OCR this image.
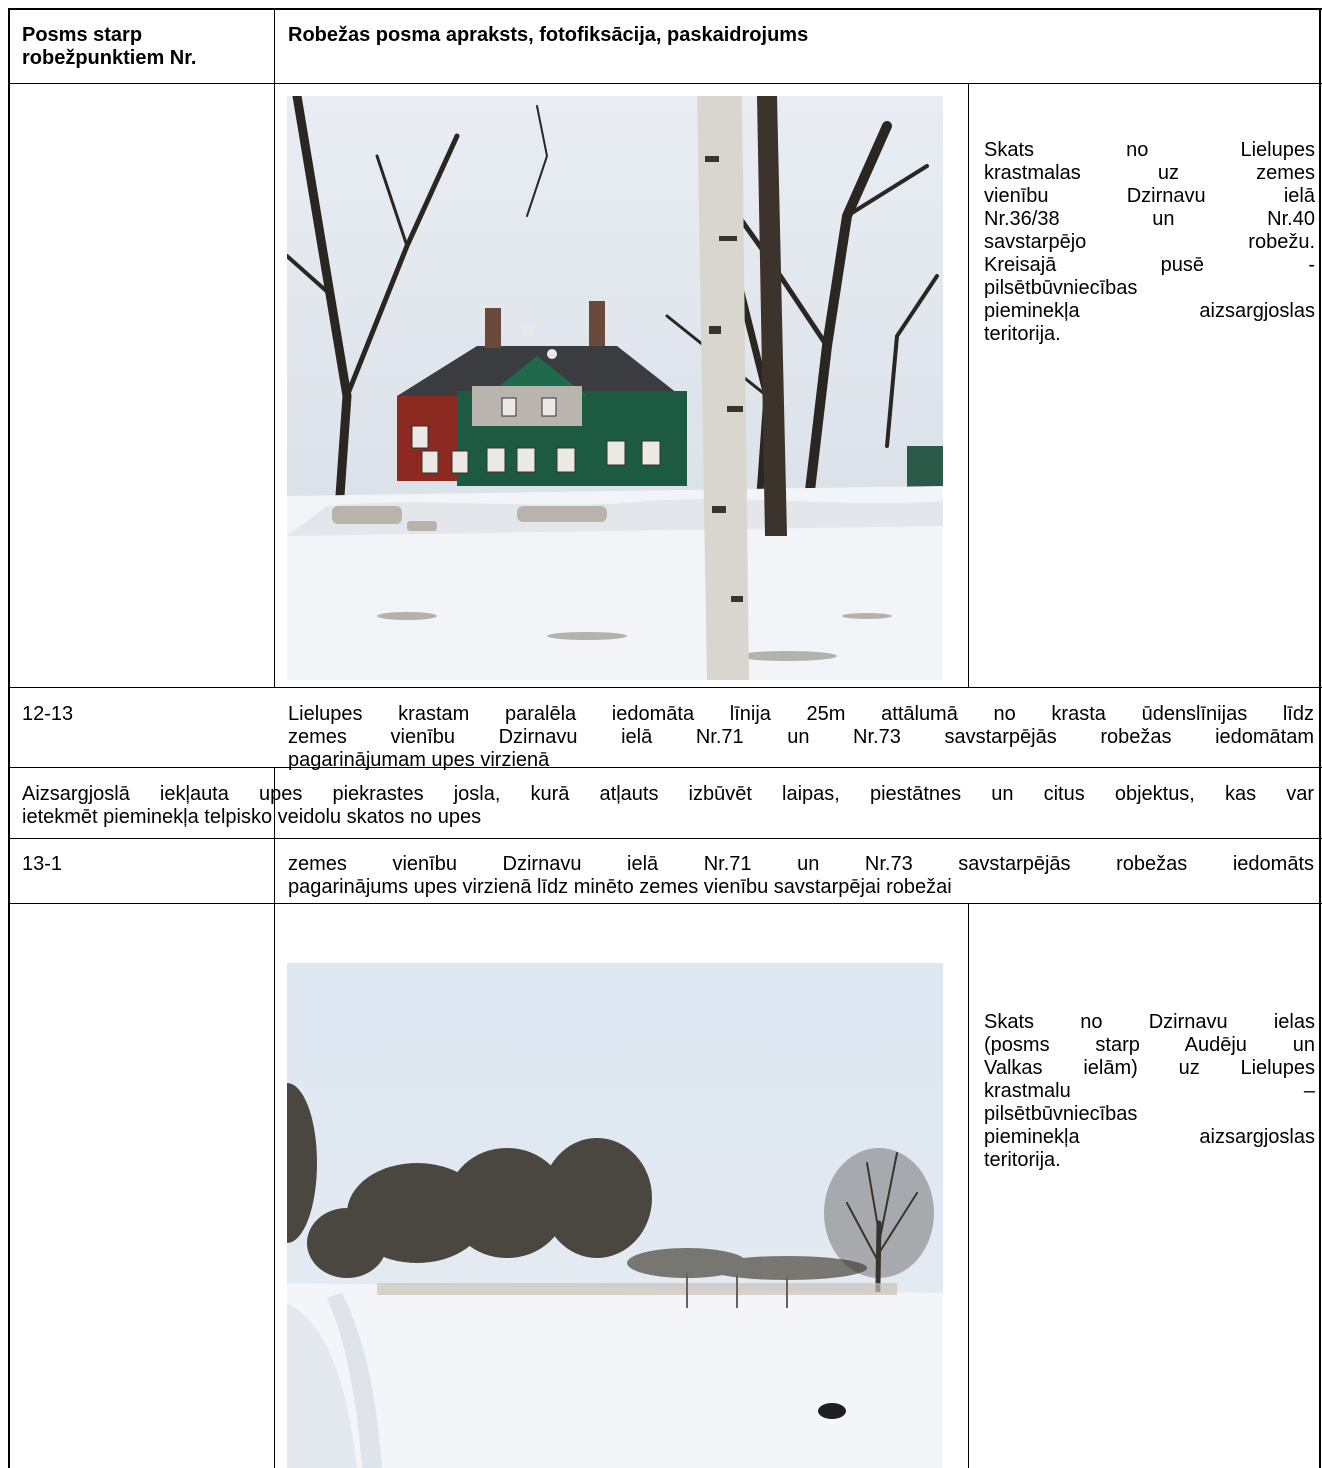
Posms starp robežpunktiem Nr.
Robežas posma apraksts, fotofiksācija, paskaidrojums
Skats no Lielupes
krastmalas uz zemes
vienību Dzirnavu ielā
Nr.36/38 un Nr.40
savstarpējo robežu.
Kreisajā pusē -
pilsētbūvniecības
pieminekļa aizsargjoslas
teritorija.
12-13	Lielupes krastam paralēla iedomāta līnija 25m attālumā no krasta ūdenslīnijas līdz
zemes vienību Dzirnavu ielā Nr.71 un Nr.73 savstarpējās robežas iedomātam
pagarinājumam upes virzienā
Aizsargjoslā iekļauta upes piekrastes josla, kurā atļauts izbūvēt laipas, piestātnes un citus objektus, kas var
ietekmēt pieminekļa telpisko veidolu skatos no upes
13-1	zemes vienību Dzirnavu ielā Nr.71 un Nr.73 savstarpējās robežas iedomāts
pagarinājums upes virzienā līdz minēto zemes vienību savstarpējai robežai
Skats no Dzirnavu ielas
(posms starp Audēju un
Valkas ielām) uz Lielupes
krastmalu –
pilsētbūvniecības
pieminekļa aizsargjoslas
teritorija.
